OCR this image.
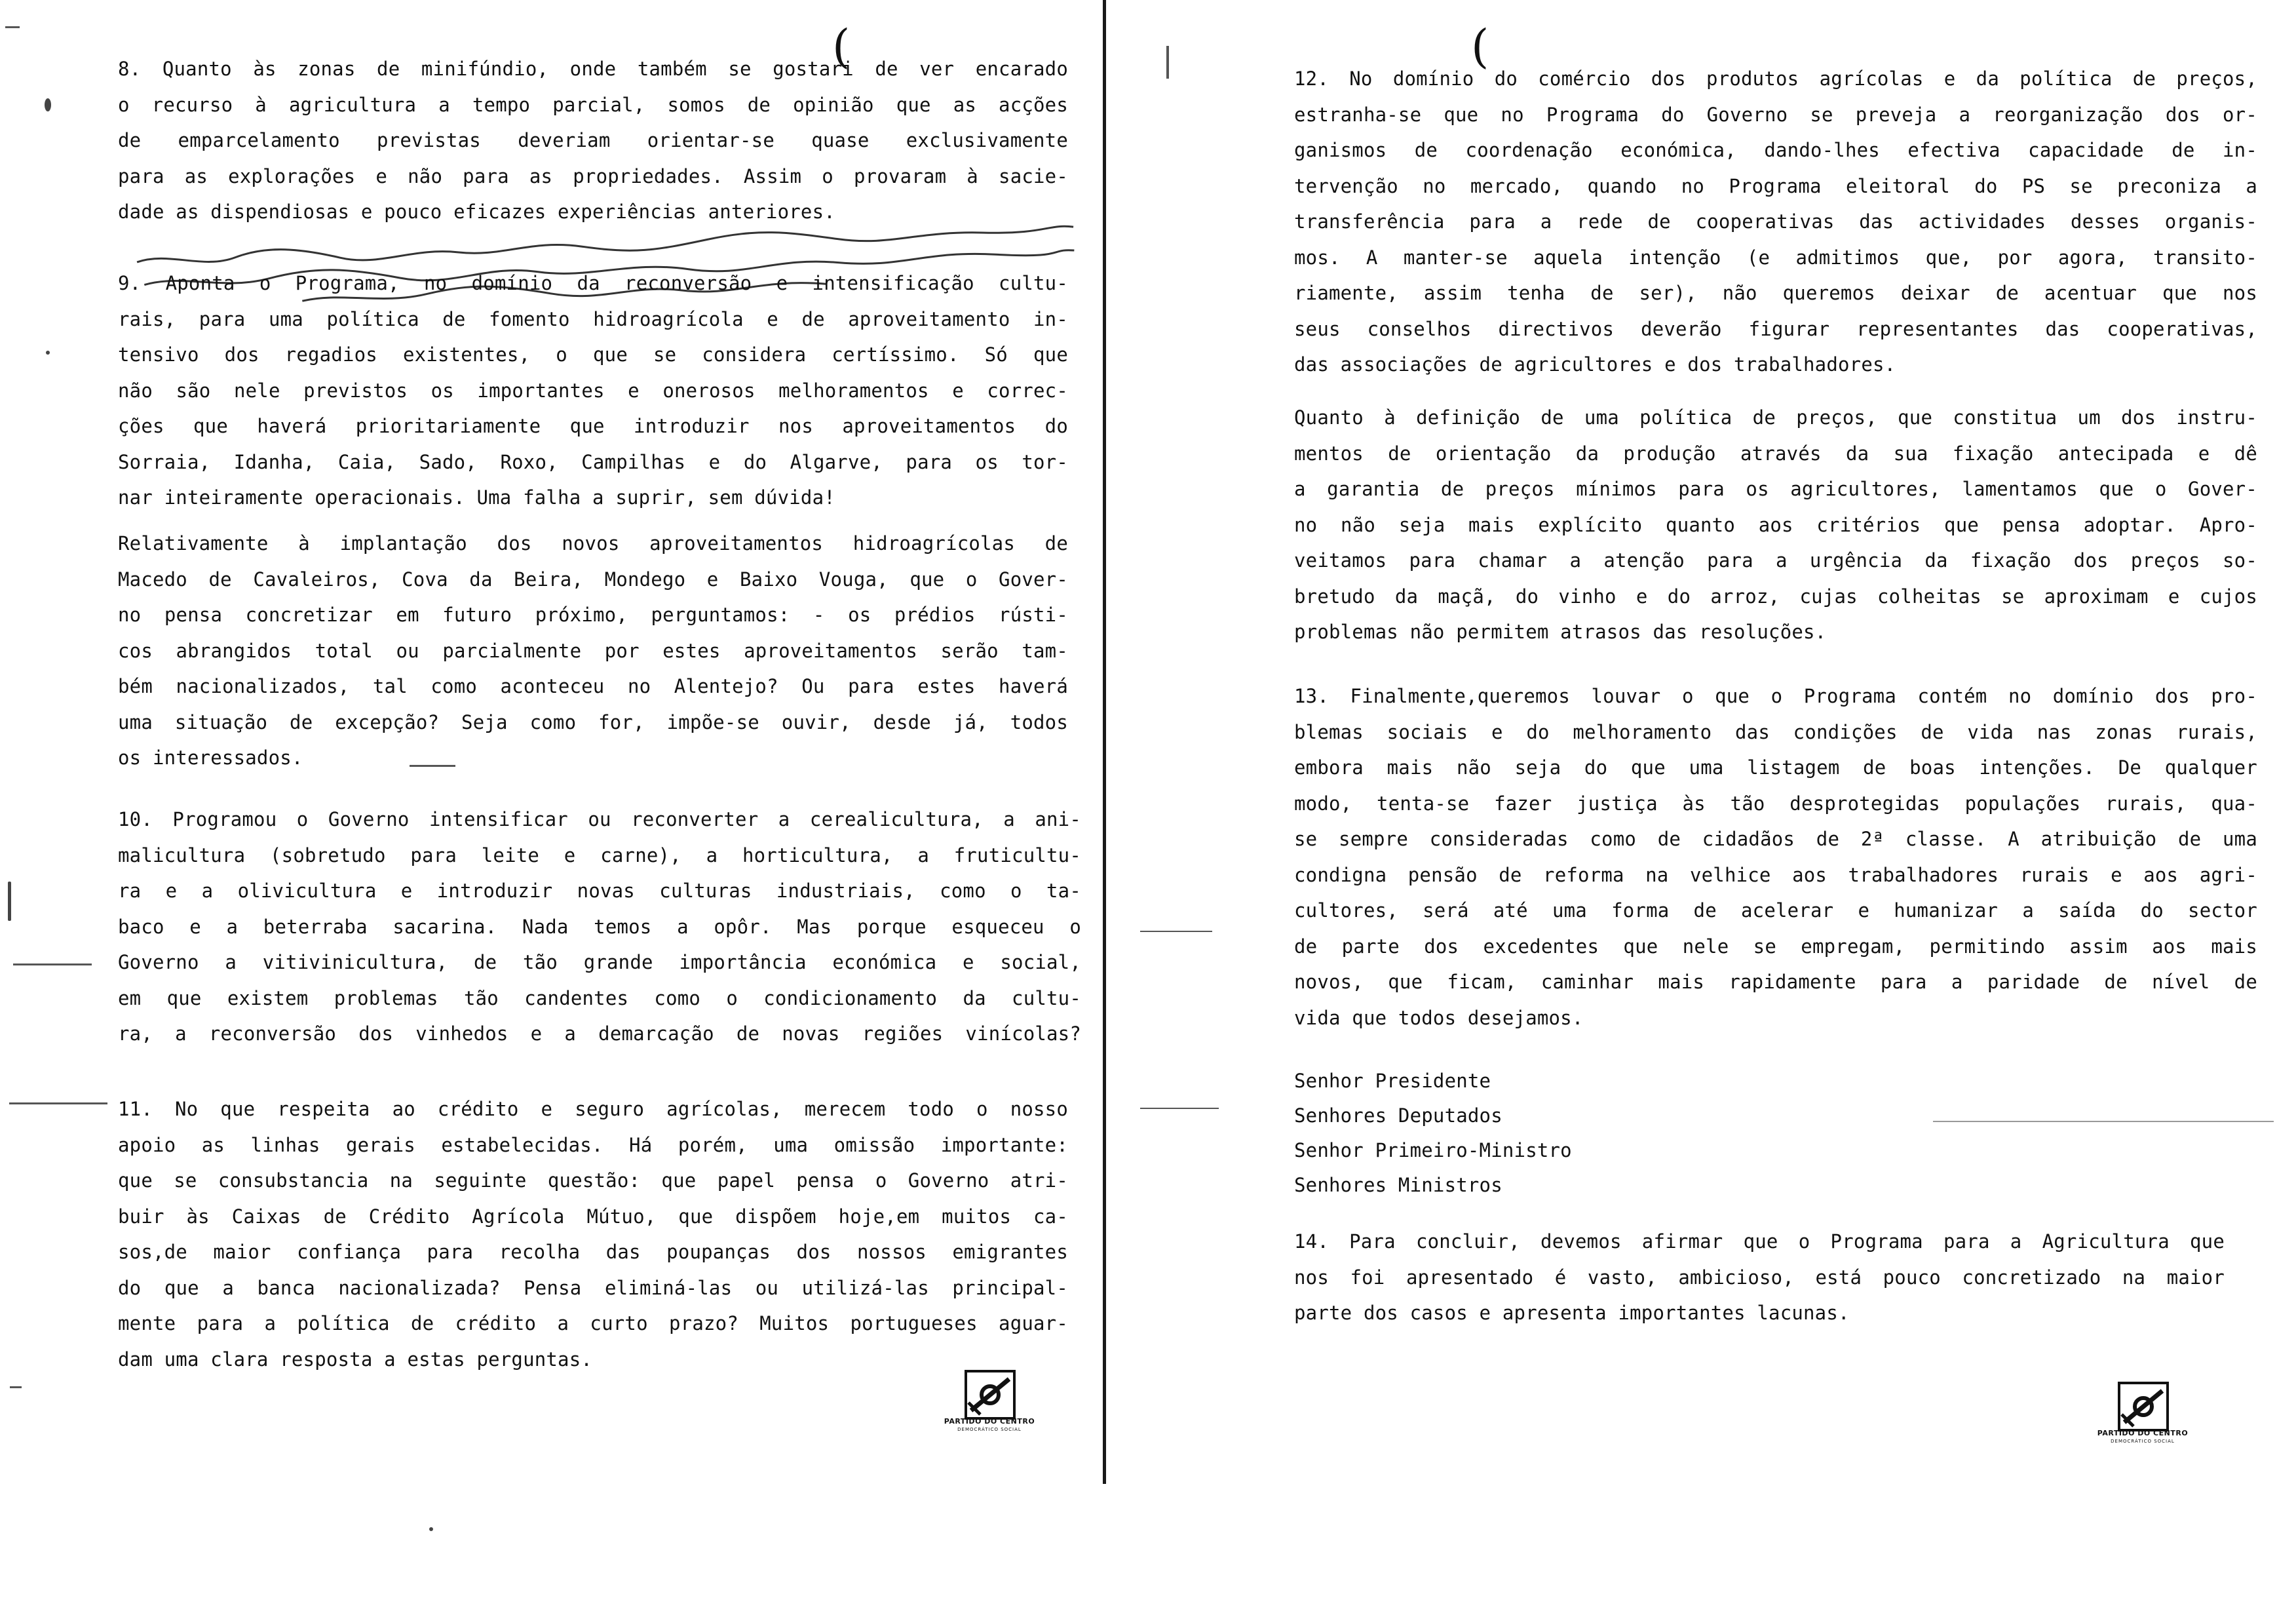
(
8. Quanto às zonas de minifúndio, onde também se gostari de ver encarado
o recurso à agricultura a tempo parcial, somos de opinião que as acções
de emparcelamento previstas deveriam orientar-se quase exclusivamente
para as explorações e não para as propriedades. Assim o provaram à sacie-
dade as dispendiosas e pouco eficazes experiências anteriores.
9. Aponta o Programa, no domínio da reconversão e intensificação cultu-
rais, para uma política de fomento hidroagrícola e de aproveitamento in-
tensivo dos regadios existentes, o que se considera certíssimo. Só que
não são nele previstos os importantes e onerosos melhoramentos e correc-
ções que haverá prioritariamente que introduzir nos aproveitamentos do
Sorraia, Idanha, Caia, Sado, Roxo, Campilhas e do Algarve, para os tor-
nar inteiramente operacionais. Uma falha a suprir, sem dúvida!
Relativamente à implantação dos novos aproveitamentos hidroagrícolas de
Macedo de Cavaleiros, Cova da Beira, Mondego e Baixo Vouga, que o Gover-
no pensa concretizar em futuro próximo, perguntamos: - os prédios rústi-
cos abrangidos total ou parcialmente por estes aproveitamentos serão tam-
bém nacionalizados, tal como aconteceu no Alentejo? Ou para estes haverá
uma situação de excepção? Seja como for, impõe-se ouvir, desde já, todos
os interessados.
10. Programou o Governo intensificar ou reconverter a cerealicultura, a ani-
malicultura (sobretudo para leite e carne), a horticultura, a fruticultu-
ra e a olivicultura e introduzir novas culturas industriais, como o ta-
baco e a beterraba sacarina. Nada temos a opôr. Mas porque esqueceu o
Governo a vitivinicultura, de tão grande importância económica e social,
em que existem problemas tão candentes como o condicionamento da cultu-
ra, a reconversão dos vinhedos e a demarcação de novas regiões vinícolas?
11. No que respeita ao crédito e seguro agrícolas, merecem todo o nosso
apoio as linhas gerais estabelecidas. Há porém, uma omissão importante:
que se consubstancia na seguinte questão: que papel pensa o Governo atri-
buir às Caixas de Crédito Agrícola Mútuo, que dispõem hoje,em muitos ca-
sos,de maior confiança para recolha das poupanças dos nossos emigrantes
do que a banca nacionalizada? Pensa eliminá-las ou utilizá-las principal-
mente para a política de crédito a curto prazo? Muitos portugueses aguar-
dam uma clara resposta a estas perguntas.
PARTIDO DO CENTRO
DEMOCRÁTICO SOCIAL
(
12. No domínio do comércio dos produtos agrícolas e da política de preços,
estranha-se que no Programa do Governo se preveja a reorganização dos or-
ganismos de coordenação económica, dando-lhes efectiva capacidade de in-
tervenção no mercado, quando no Programa eleitoral do PS se preconiza a
transferência para a rede de cooperativas das actividades desses organis-
mos. A manter-se aquela intenção (e admitimos que, por agora, transito-
riamente, assim tenha de ser), não queremos deixar de acentuar que nos
seus conselhos directivos deverão figurar representantes das cooperativas,
das associações de agricultores e dos trabalhadores.
Quanto à definição de uma política de preços, que constitua um dos instru-
mentos de orientação da produção através da sua fixação antecipada e dê
a garantia de preços mínimos para os agricultores, lamentamos que o Gover-
no não seja mais explícito quanto aos critérios que pensa adoptar. Apro-
veitamos para chamar a atenção para a urgência da fixação dos preços so-
bretudo da maçã, do vinho e do arroz, cujas colheitas se aproximam e cujos
problemas não permitem atrasos das resoluções.
13. Finalmente,queremos louvar o que o Programa contém no domínio dos pro-
blemas sociais e do melhoramento das condições de vida nas zonas rurais,
embora mais não seja do que uma listagem de boas intenções. De qualquer
modo, tenta-se fazer justiça às tão desprotegidas populações rurais, qua-
se sempre consideradas como de cidadãos de 2ª classe. A atribuição de uma
condigna pensão de reforma na velhice aos trabalhadores rurais e aos agri-
cultores, será até uma forma de acelerar e humanizar a saída do sector
de parte dos excedentes que nele se empregam, permitindo assim aos mais
novos, que ficam, caminhar mais rapidamente para a paridade de nível de
vida que todos desejamos.
Senhor Presidente
Senhores Deputados
Senhor Primeiro-Ministro
Senhores Ministros
14. Para concluir, devemos afirmar que o Programa para a Agricultura que
nos foi apresentado é vasto, ambicioso, está pouco concretizado na maior
parte dos casos e apresenta importantes lacunas.
PARTIDO DO CENTRO
DEMOCRÁTICO SOCIAL
